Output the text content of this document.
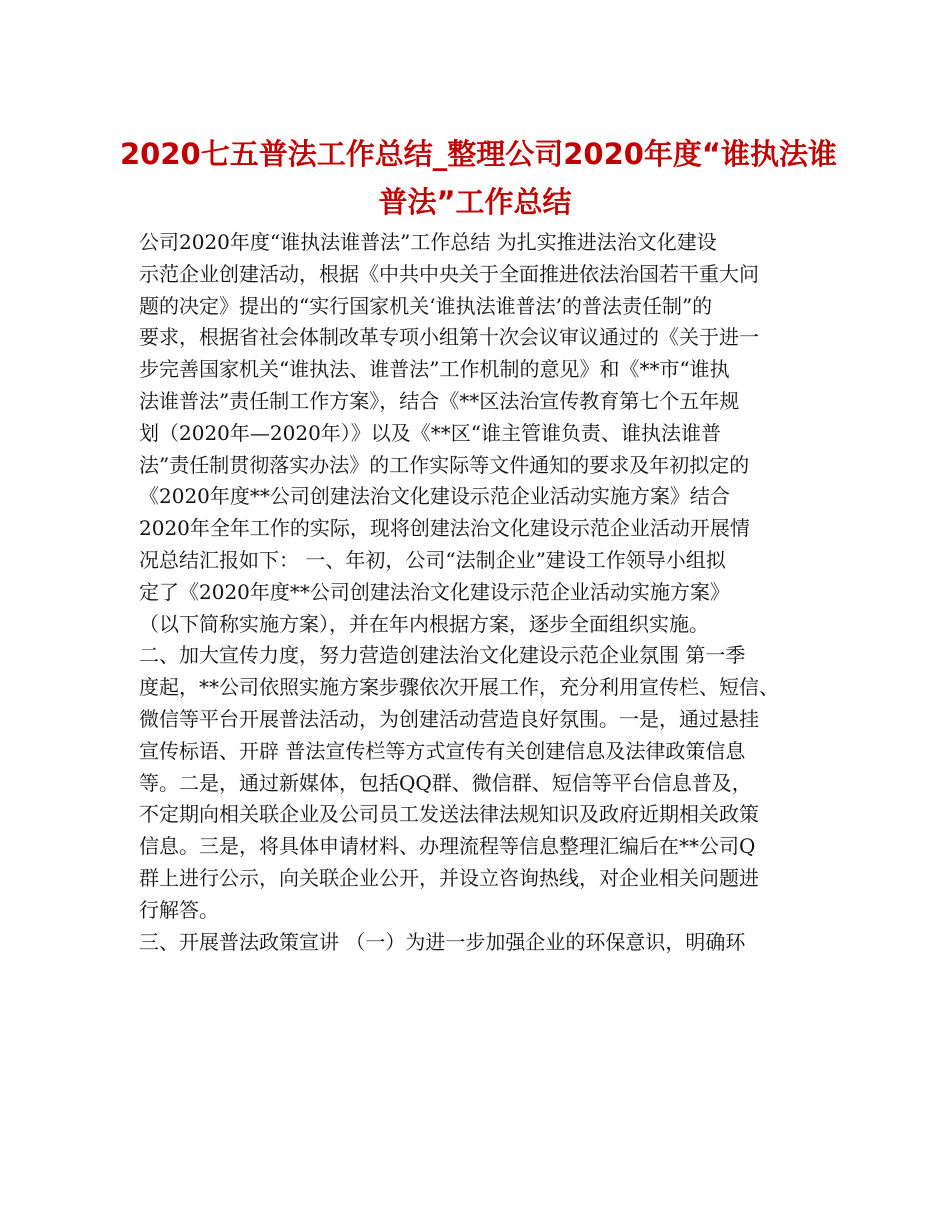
2020七五普法工作总结_整理公司2020年度“谁执法谁
普法”工作总结
公司2020年度“谁执法谁普法”工作总结 为扎实推进法治文化建设
示范企业创建活动，根据《中共中央关于全面推进依法治国若干重大问
题的决定》提出的“实行国家机关‘谁执法谁普法’的普法责任制”的
要求，根据省社会体制改革专项小组第十次会议审议通过的《关于进一
步完善国家机关“谁执法、谁普法”工作机制的意见》和《**市“谁执
法谁普法”责任制工作方案》，结合《**区法治宣传教育第七个五年规
划（2020年—2020年）》以及《**区“谁主管谁负责、谁执法谁普
法”责任制贯彻落实办法》的工作实际等文件通知的要求及年初拟定的
《2020年度**公司创建法治文化建设示范企业活动实施方案》结合
2020年全年工作的实际，现将创建法治文化建设示范企业活动开展情
况总结汇报如下： 一、年初，公司“法制企业”建设工作领导小组拟
定了《2020年度**公司创建法治文化建设示范企业活动实施方案》
（以下简称实施方案），并在年内根据方案，逐步全面组织实施。
二、加大宣传力度，努力营造创建法治文化建设示范企业氛围 第一季
度起，**公司依照实施方案步骤依次开展工作，充分利用宣传栏、短信、
微信等平台开展普法活动，为创建活动营造良好氛围。一是，通过悬挂
宣传标语、开辟 普法宣传栏等方式宣传有关创建信息及法律政策信息
等。二是，通过新媒体，包括QQ群、微信群、短信等平台信息普及，
不定期向相关联企业及公司员工发送法律法规知识及政府近期相关政策
信息。三是，将具体申请材料、办理流程等信息整理汇编后在**公司Q
群上进行公示，向关联企业公开，并设立咨询热线，对企业相关问题进
行解答。
三、开展普法政策宣讲 （一）为进一步加强企业的环保意识，明确环
